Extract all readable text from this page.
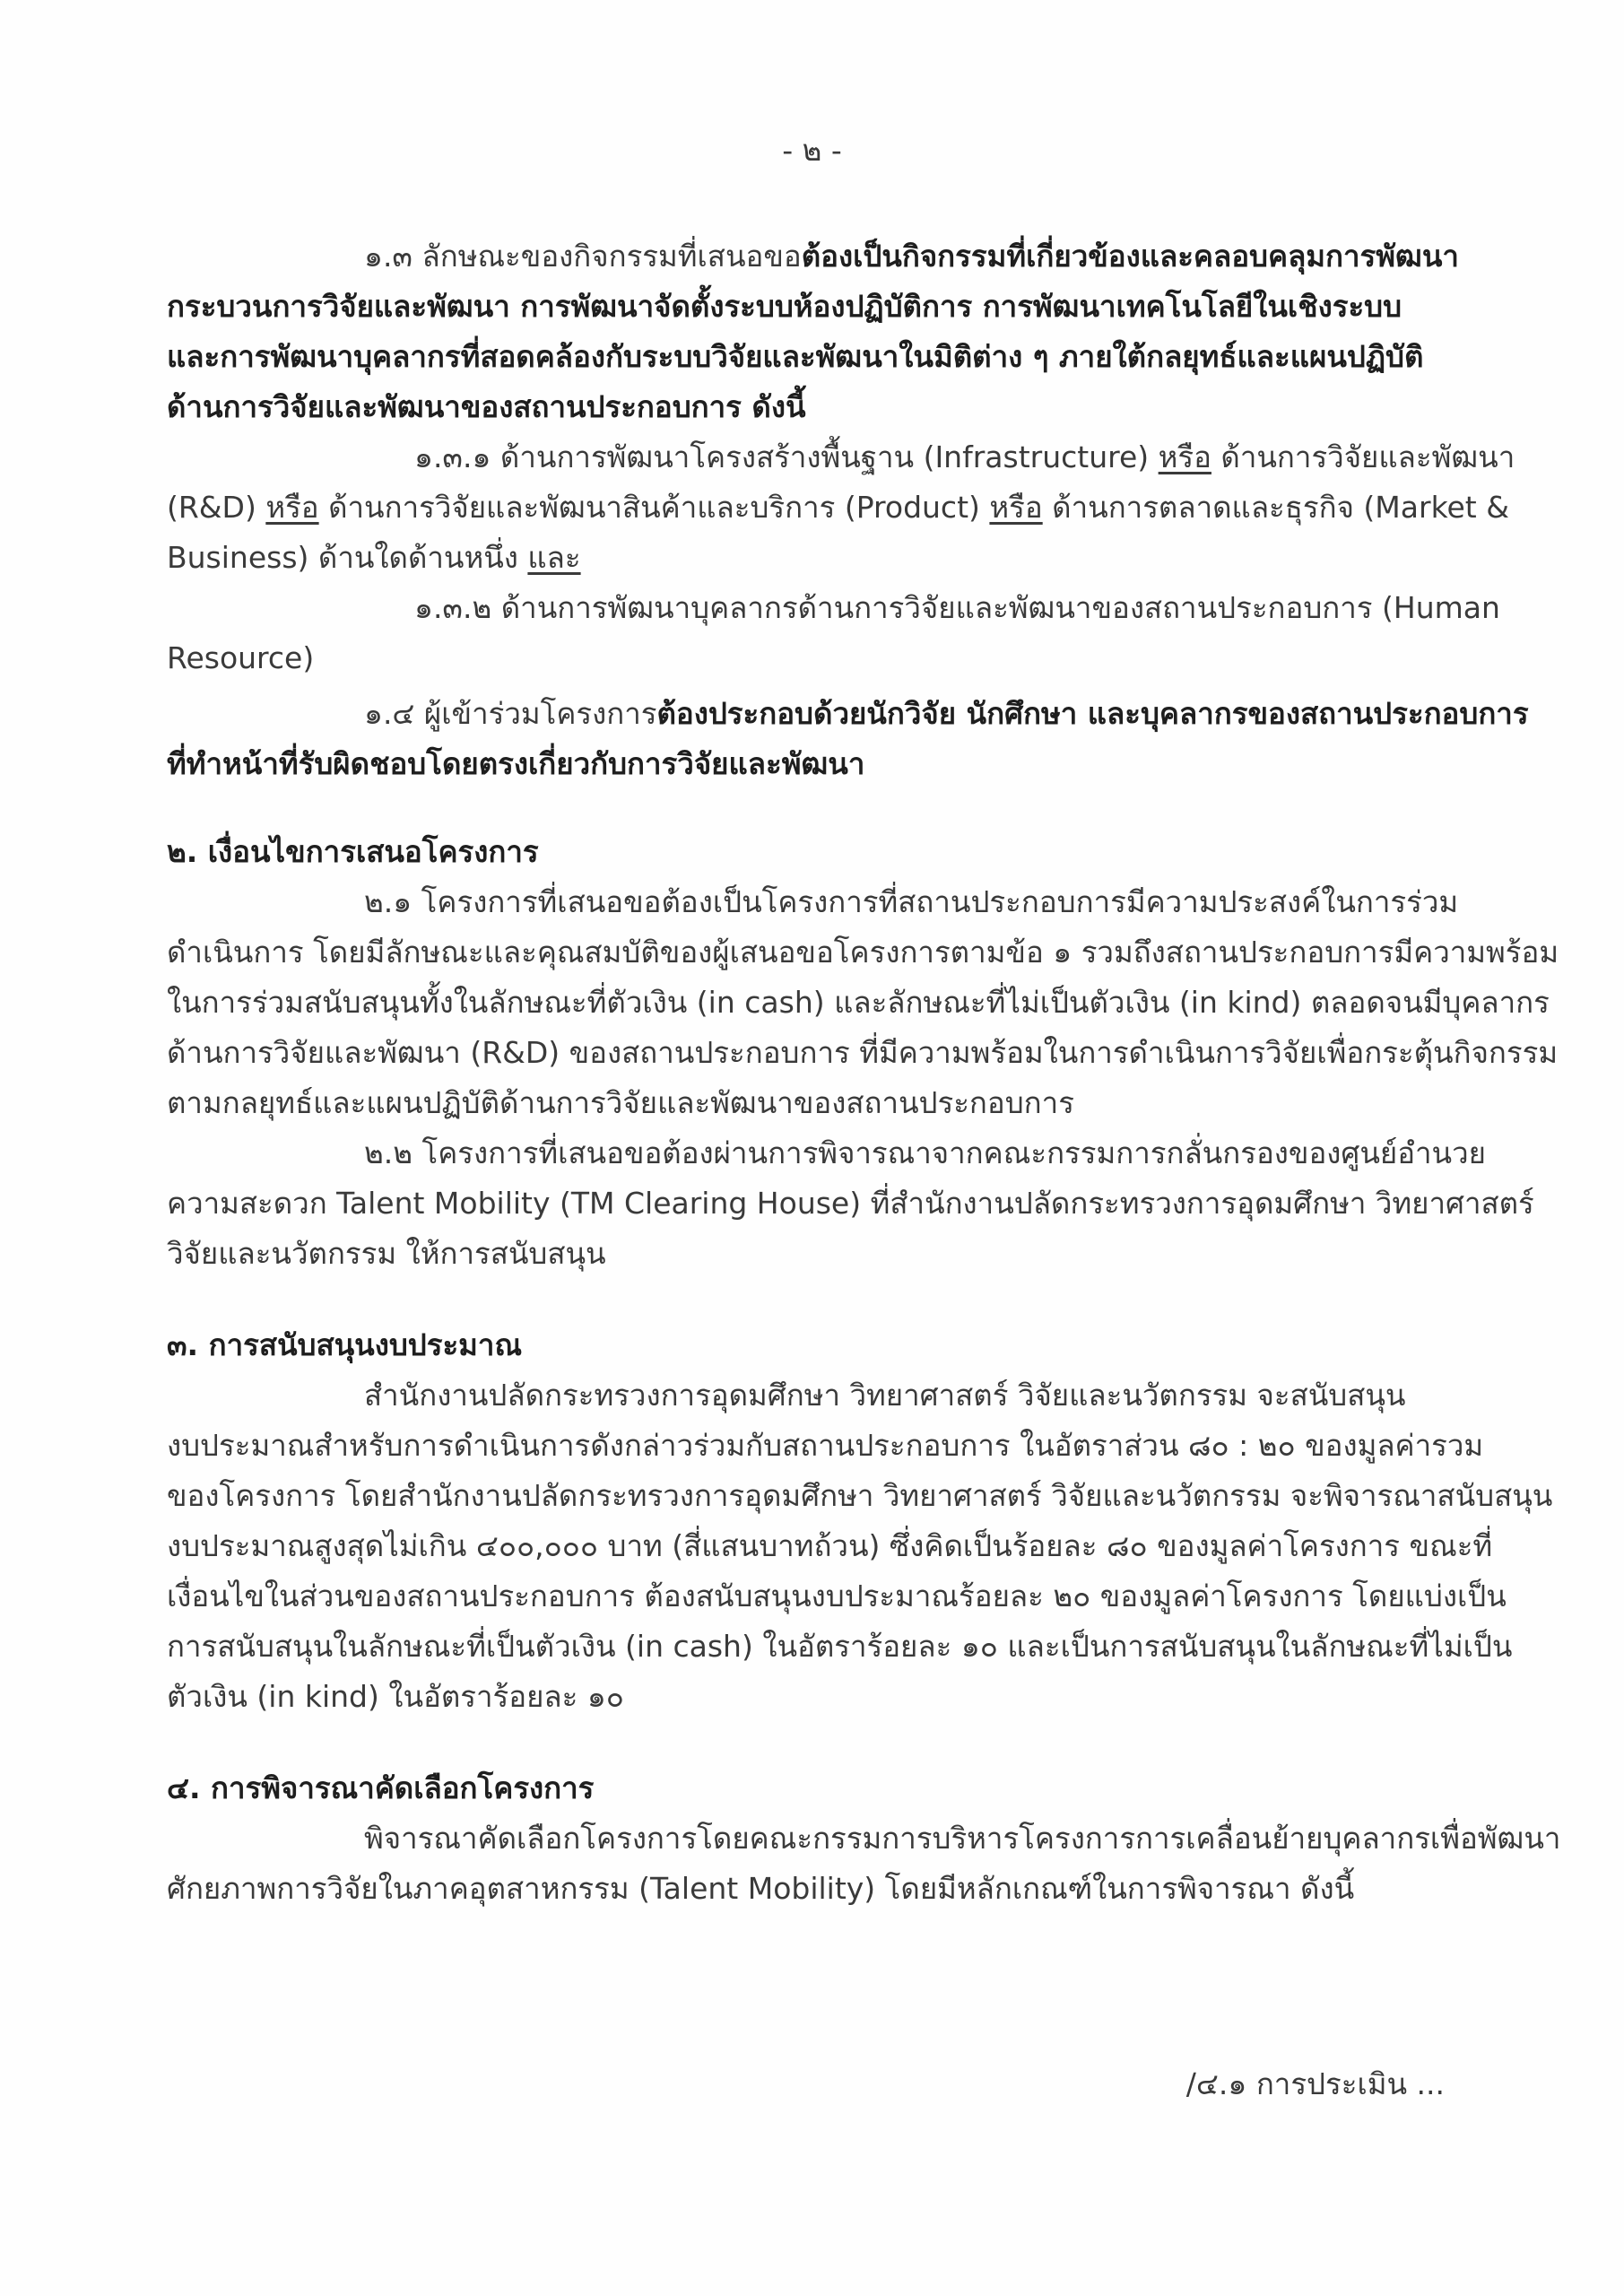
- ๒ -
๑.๓ ลักษณะของกิจกรรมที่เสนอขอต้องเป็นกิจกรรมที่เกี่ยวข้องและคลอบคลุมการพัฒนา
กระบวนการวิจัยและพัฒนา การพัฒนาจัดตั้งระบบห้องปฏิบัติการ การพัฒนาเทคโนโลยีในเชิงระบบ
และการพัฒนาบุคลากรที่สอดคล้องกับระบบวิจัยและพัฒนาในมิติต่าง ๆ ภายใต้กลยุทธ์และแผนปฏิบัติ
ด้านการวิจัยและพัฒนาของสถานประกอบการ ดังนี้
๑.๓.๑ ด้านการพัฒนาโครงสร้างพื้นฐาน (Infrastructure) หรือ ด้านการวิจัยและพัฒนา
(R&D) หรือ ด้านการวิจัยและพัฒนาสินค้าและบริการ (Product) หรือ ด้านการตลาดและธุรกิจ (Market &
Business) ด้านใดด้านหนึ่ง และ
๑.๓.๒ ด้านการพัฒนาบุคลากรด้านการวิจัยและพัฒนาของสถานประกอบการ (Human
Resource)
๑.๔ ผู้เข้าร่วมโครงการต้องประกอบด้วยนักวิจัย นักศึกษา และบุคลากรของสถานประกอบการ
ที่ทำหน้าที่รับผิดชอบโดยตรงเกี่ยวกับการวิจัยและพัฒนา
๒. เงื่อนไขการเสนอโครงการ
๒.๑ โครงการที่เสนอขอต้องเป็นโครงการที่สถานประกอบการมีความประสงค์ในการร่วม
ดำเนินการ โดยมีลักษณะและคุณสมบัติของผู้เสนอขอโครงการตามข้อ ๑ รวมถึงสถานประกอบการมีความพร้อม
ในการร่วมสนับสนุนทั้งในลักษณะที่ตัวเงิน (in cash) และลักษณะที่ไม่เป็นตัวเงิน (in kind) ตลอดจนมีบุคลากร
ด้านการวิจัยและพัฒนา (R&D) ของสถานประกอบการ ที่มีความพร้อมในการดำเนินการวิจัยเพื่อกระตุ้นกิจกรรม
ตามกลยุทธ์และแผนปฏิบัติด้านการวิจัยและพัฒนาของสถานประกอบการ
๒.๒ โครงการที่เสนอขอต้องผ่านการพิจารณาจากคณะกรรมการกลั่นกรองของศูนย์อำนวย
ความสะดวก Talent Mobility (TM Clearing House) ที่สำนักงานปลัดกระทรวงการอุดมศึกษา วิทยาศาสตร์
วิจัยและนวัตกรรม ให้การสนับสนุน
๓. การสนับสนุนงบประมาณ
สำนักงานปลัดกระทรวงการอุดมศึกษา วิทยาศาสตร์ วิจัยและนวัตกรรม จะสนับสนุน
งบประมาณสำหรับการดำเนินการดังกล่าวร่วมกับสถานประกอบการ ในอัตราส่วน ๘๐ : ๒๐ ของมูลค่ารวม
ของโครงการ โดยสำนักงานปลัดกระทรวงการอุดมศึกษา วิทยาศาสตร์ วิจัยและนวัตกรรม จะพิจารณาสนับสนุน
งบประมาณสูงสุดไม่เกิน ๔๐๐,๐๐๐ บาท (สี่แสนบาทถ้วน) ซึ่งคิดเป็นร้อยละ ๘๐ ของมูลค่าโครงการ ขณะที่
เงื่อนไขในส่วนของสถานประกอบการ ต้องสนับสนุนงบประมาณร้อยละ ๒๐ ของมูลค่าโครงการ โดยแบ่งเป็น
การสนับสนุนในลักษณะที่เป็นตัวเงิน (in cash) ในอัตราร้อยละ ๑๐ และเป็นการสนับสนุนในลักษณะที่ไม่เป็น
ตัวเงิน (in kind) ในอัตราร้อยละ ๑๐
๔. การพิจารณาคัดเลือกโครงการ
พิจารณาคัดเลือกโครงการโดยคณะกรรมการบริหารโครงการการเคลื่อนย้ายบุคลากรเพื่อพัฒนา
ศักยภาพการวิจัยในภาคอุตสาหกรรม (Talent Mobility) โดยมีหลักเกณฑ์ในการพิจารณา ดังนี้
/๔.๑ การประเมิน ...
